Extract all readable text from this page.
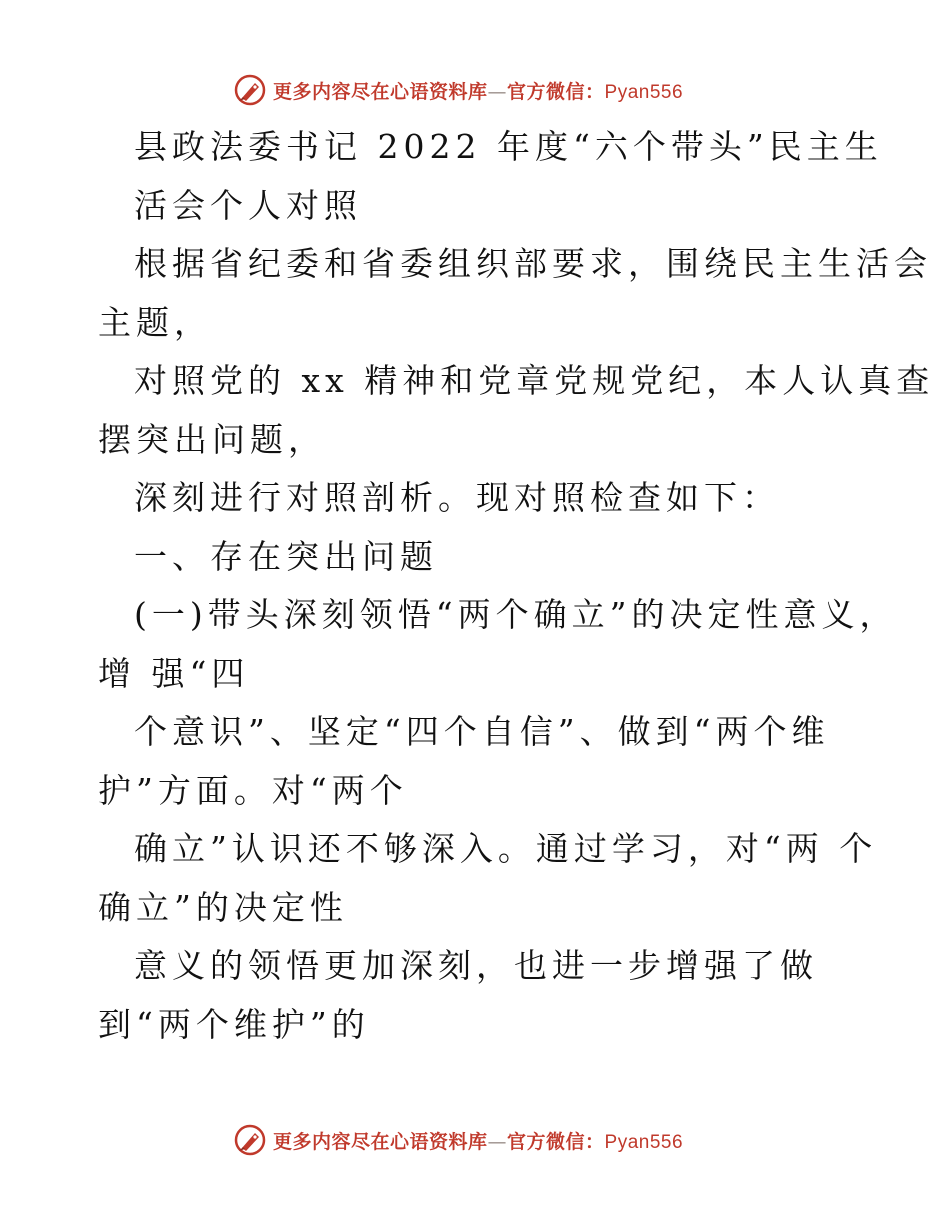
更多内容尽在心语资料库—官方微信：Pyan556
县政法委书记 2022 年度“六个带头”民主生
活会个人对照
根据省纪委和省委组织部要求，围绕民主生活会
主题，
对照党的 xx 精神和党章党规党纪，本人认真查
摆突出问题，
深刻进行对照剖析。现对照检查如下：
一、存在突出问题
(一)带头深刻领悟“两个确立”的决定性意义，
增 强“四
个意识”、坚定“四个自信”、做到“两个维
护”方面。对“两个
确立”认识还不够深入。通过学习，对“两 个
确立”的决定性
意义的领悟更加深刻，也进一步增强了做
到“两个维护”的
更多内容尽在心语资料库—官方微信：Pyan556
